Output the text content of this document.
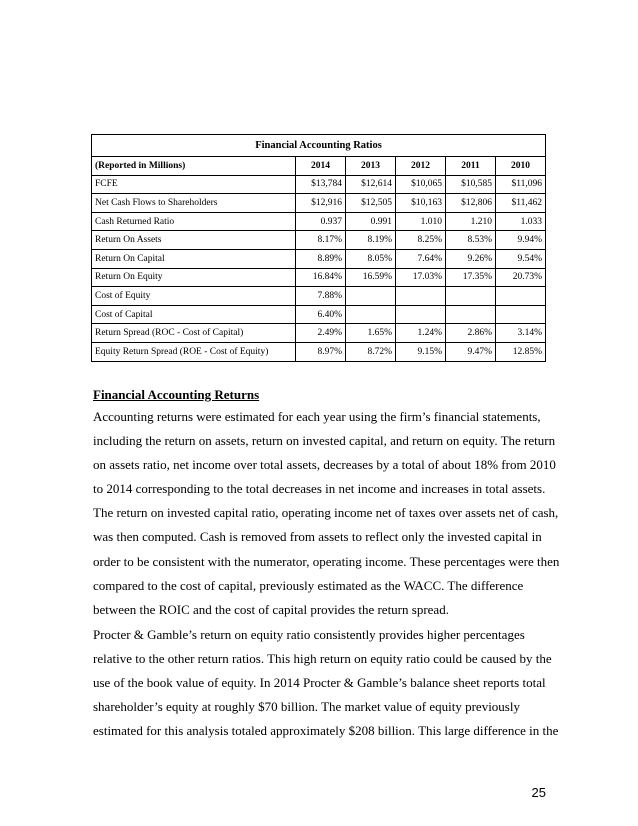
Financial Accounting Ratios					
(Reported in Millions)	2014	2013	2012	2011	2010
FCFE	$13,784	$12,614	$10,065	$10,585	$11,096
Net Cash Flows to Shareholders	$12,916	$12,505	$10,163	$12,806	$11,462
Cash Returned Ratio	0.937	0.991	1.010	1.210	1.033
Return On Assets	8.17%	8.19%	8.25%	8.53%	9.94%
Return On Capital	8.89%	8.05%	7.64%	9.26%	9.54%
Return On Equity	16.84%	16.59%	17.03%	17.35%	20.73%
Cost of Equity	7.88%				
Cost of Capital	6.40%				
Return Spread (ROC - Cost of Capital)	2.49%	1.65%	1.24%	2.86%	3.14%
Equity Return Spread (ROE - Cost of Equity)	8.97%	8.72%	9.15%	9.47%	12.85%
Financial Accounting Returns

Accounting returns were estimated for each year using the firm’s financial statements,
including the return on assets, return on invested capital, and return on equity. The return
on assets ratio, net income over total assets, decreases by a total of about 18% from 2010
to 2014 corresponding to the total decreases in net income and increases in total assets.
The return on invested capital ratio, operating income net of taxes over assets net of cash,
was then computed. Cash is removed from assets to reflect only the invested capital in
order to be consistent with the numerator, operating income. These percentages were then
compared to the cost of capital, previously estimated as the WACC. The difference
between the ROIC and the cost of capital provides the return spread.

Procter & Gamble’s return on equity ratio consistently provides higher percentages
relative to the other return ratios. This high return on equity ratio could be caused by the
use of the book value of equity. In 2014 Procter & Gamble’s balance sheet reports total
shareholder’s equity at roughly $70 billion. The market value of equity previously
estimated for this analysis totaled approximately $208 billion. This large difference in the

25
